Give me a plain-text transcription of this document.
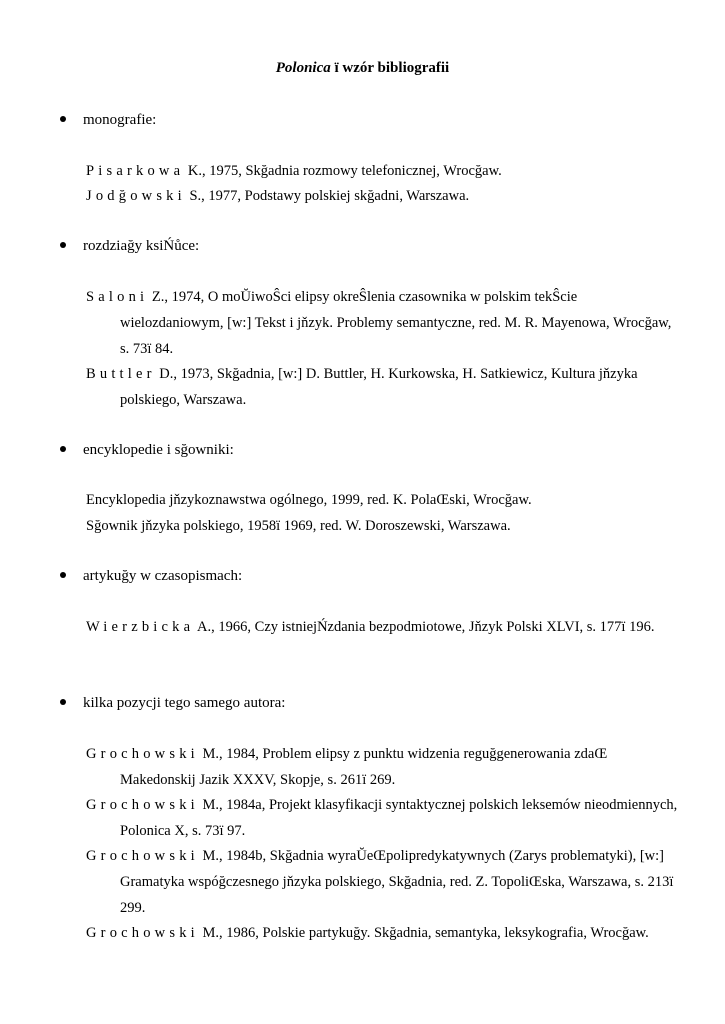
Polonica ï wzór bibliografii
monografie:
Pisarkowa K., 1975, Skğadnia rozmowy telefonicznej, Wrocğaw.
Jodğowski S., 1977, Podstawy polskiej skğadni, Warszawa.
rozdziağy ksiŃůce:
Saloni Z., 1974, O moŬiwoŜci elipsy okreŜlenia czasownika w polskim tekŜcie wielozdaniowym, [w:] Tekst i jňzyk. Problemy semantyczne, red. M. R. Mayenowa, Wrocğaw, s. 73ï 84.
Buttler D., 1973, Skğadnia, [w:] D. Buttler, H. Kurkowska, H. Satkiewicz, Kultura jňzyka polskiego, Warszawa.
encyklopedie i sğowniki:
Encyklopedia jňzykoznawstwa ogólnego, 1999, red. K. PolaŒski, Wrocğaw.
Sğownik jňzyka polskiego, 1958ï 1969, red. W. Doroszewski, Warszawa.
artykuğy w czasopismach:
Wierzbicka A., 1966, Czy istniejŃzdania bezpodmiotowe, Jňzyk Polski XLVI, s. 177ï 196.
kilka pozycji tego samego autora:
Grochowski M., 1984, Problem elipsy z punktu widzenia reguğgenerowania zdaŒ Makedonskij Jazik XXXV, Skopje, s. 261ï 269.
Grochowski M., 1984a, Projekt klasyfikacji syntaktycznej polskich leksemów nieodmiennych, Polonica X, s. 73ï 97.
Grochowski M., 1984b, Skğadnia wyraŬeŒpolipredykatywnych (Zarys problematyki), [w:] Gramatyka wspóğczesnego jňzyka polskiego, Skğadnia, red. Z. TopoliŒska, Warszawa, s. 213ï 299.
Grochowski M., 1986, Polskie partykuğy. Skğadnia, semantyka, leksykografia, Wrocğaw.
